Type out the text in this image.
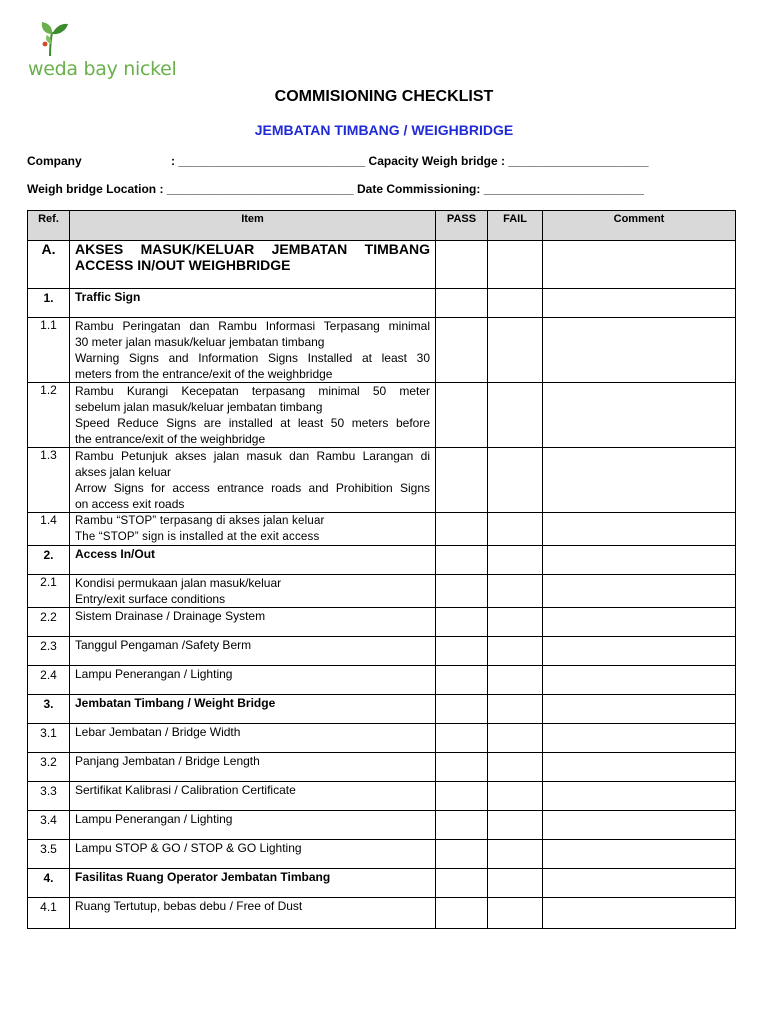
weda bay nickel
COMMISIONING CHECKLIST
JEMBATAN TIMBANG / WEIGHBRIDGE
Company	: ____________________________ Capacity Weigh bridge : _____________________
Weigh bridge Location : ____________________________ Date Commissioning: ________________________
Ref.	Item	PASS	FAIL	Comment
A.	AKSES MASUK/KELUAR JEMBATAN TIMBANG
ACCESS IN/OUT WEIGHBRIDGE			

1.	Traffic Sign			

1.1	Rambu Peringatan dan Rambu Informasi Terpasang minimal
30 meter jalan masuk/keluar jembatan timbang
Warning Signs and Information Signs Installed at least 30
meters from the entrance/exit of the weighbridge			

1.2	Rambu Kurangi Kecepatan terpasang minimal 50 meter
sebelum jalan masuk/keluar jembatan timbang
Speed Reduce Signs are installed at least 50 meters before
the entrance/exit of the weighbridge			

1.3	Rambu Petunjuk akses jalan masuk dan Rambu Larangan di
akses jalan keluar
Arrow Signs for access entrance roads and Prohibition Signs
on access exit roads			

1.4	Rambu “STOP” terpasang di akses jalan keluar
The “STOP” sign is installed at the exit access			

2.	Access In/Out			

2.1	Kondisi permukaan jalan masuk/keluar
Entry/exit surface conditions			

2.2	Sistem Drainase / Drainage System			

2.3	Tanggul Pengaman /Safety Berm			

2.4	Lampu Penerangan / Lighting			

3.	Jembatan Timbang / Weight Bridge			

3.1	Lebar Jembatan / Bridge Width			

3.2	Panjang Jembatan / Bridge Length			

3.3	Sertifikat Kalibrasi / Calibration Certificate			

3.4	Lampu Penerangan / Lighting			

3.5	Lampu STOP & GO / STOP & GO Lighting			

4.	Fasilitas Ruang Operator Jembatan Timbang			

4.1	Ruang Tertutup, bebas debu / Free of Dust			
